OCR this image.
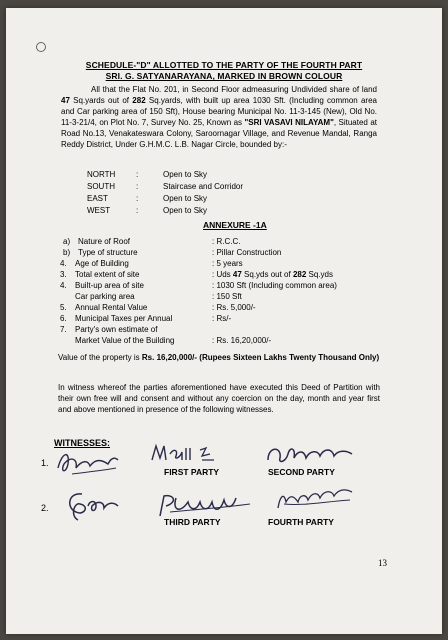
SCHEDULE-"D" ALLOTTED TO THE PARTY OF THE FOURTH PART
SRI. G. SATYANARAYANA, MARKED IN BROWN COLOUR
All that the Flat No. 201, in Second Floor admeasuring Undivided share of land 47 Sq.yards out of 282 Sq.yards, with built up area 1030 Sft. (Including common area and Car parking area of 150 Sft), House bearing Municipal No. 11-3-145 (New), Old No. 11-3-21/4, on Plot No. 7, Survey No. 25, Known as "SRI VASAVI NILAYAM", Situated at Road No.13, Venakateswara Colony, Saroornagar Village, and Revenue Mandal, Ranga Reddy District, Under G.H.M.C. L.B. Nagar Circle, bounded by:-
NORTH	:	Open to Sky
SOUTH	:	Staircase and Corridor
EAST	:	Open to Sky
WEST	:	Open to Sky
ANNEXURE -1A
a) Nature of Roof	: R.C.C.
b) Type of structure	: Pillar Construction
4. Age of Building	: 5 years
3. Total extent of site	: Uds 47 Sq.yds out of 282 Sq.yds
4. Built-up area of site	: 1030 Sft (Including common area)
Car parking area	: 150 Sft
5. Annual Rental Value	: Rs. 5,000/-
6. Municipal Taxes per Annual	: Rs/-
7. Party's own estimate of
Market Value of the Building	: Rs. 16,20,000/-
Value of the property is Rs. 16,20,000/- (Rupees Sixteen Lakhs Twenty Thousand Only)
In witness whereof the parties aforementioned have executed this Deed of Partition with their own free will and consent and without any coercion on the day, month and year first and above mentioned in presence of the following witnesses.
WITNESSES:
1.
2.
FIRST PARTY	SECOND PARTY
THIRD PARTY	FOURTH PARTY
13
